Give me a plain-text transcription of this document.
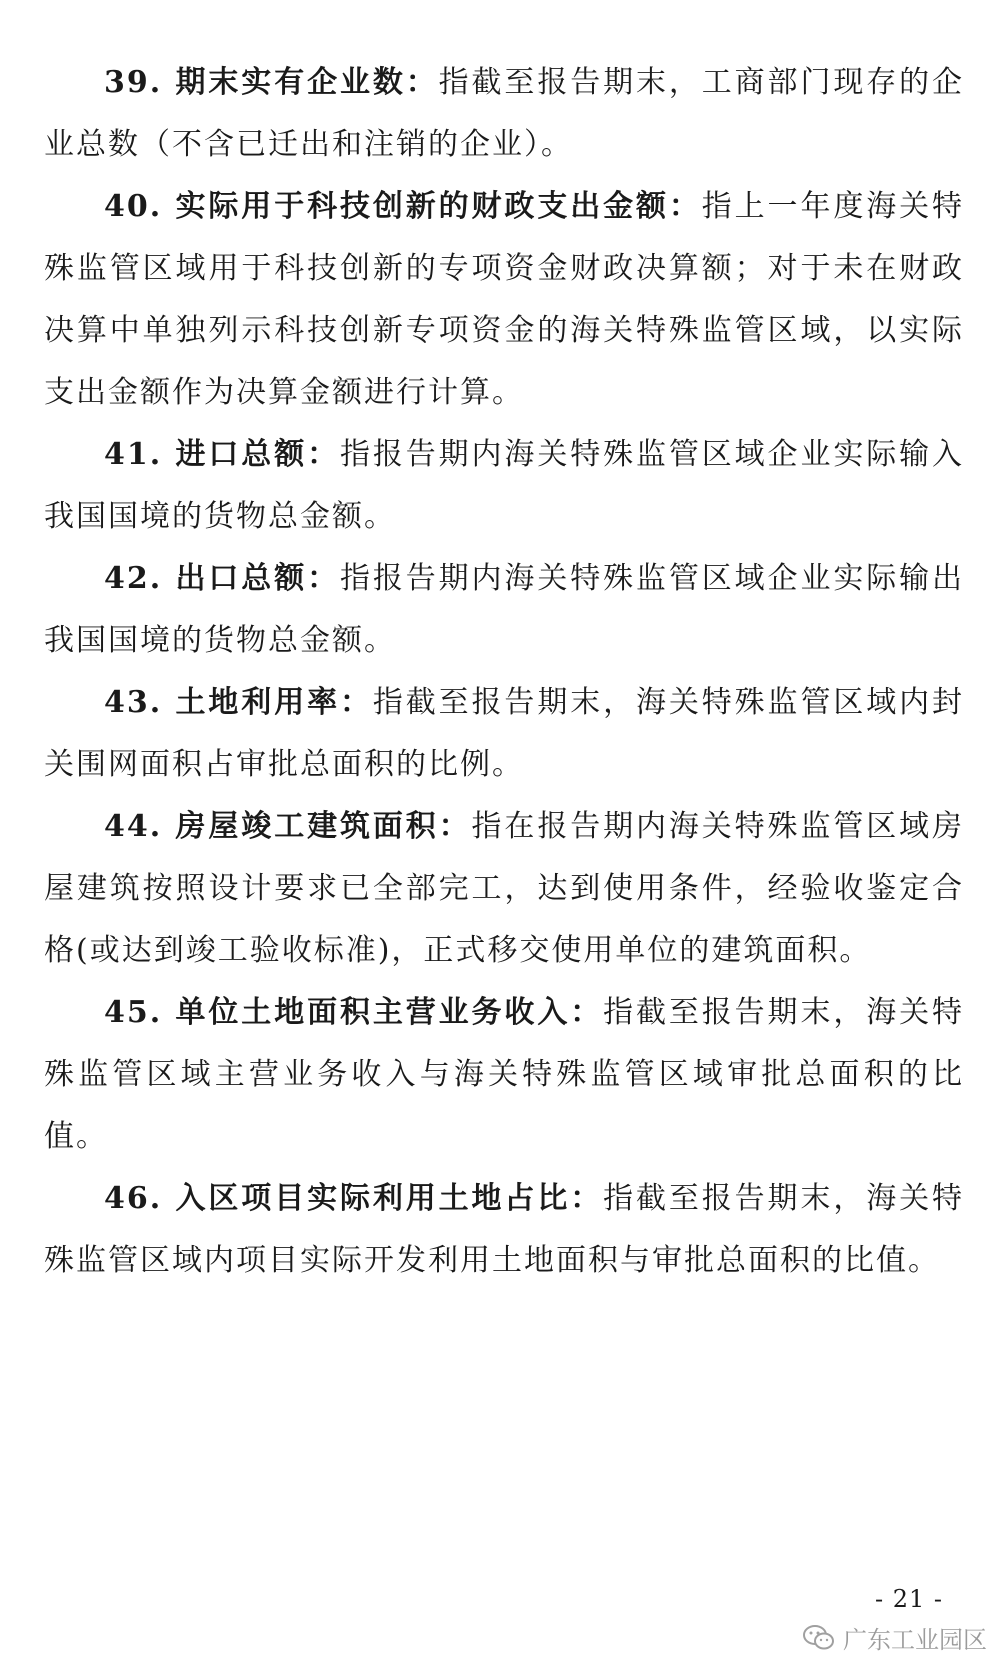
39. 期末实有企业数：指截至报告期末，工商部门现存的企业总数（不含已迁出和注销的企业）。

40. 实际用于科技创新的财政支出金额：指上一年度海关特殊监管区域用于科技创新的专项资金财政决算额；对于未在财政决算中单独列示科技创新专项资金的海关特殊监管区域，以实际支出金额作为决算金额进行计算。

41. 进口总额：指报告期内海关特殊监管区域企业实际输入我国国境的货物总金额。

42. 出口总额：指报告期内海关特殊监管区域企业实际输出我国国境的货物总金额。

43. 土地利用率：指截至报告期末，海关特殊监管区域内封关围网面积占审批总面积的比例。

44. 房屋竣工建筑面积：指在报告期内海关特殊监管区域房屋建筑按照设计要求已全部完工，达到使用条件，经验收鉴定合格(或达到竣工验收标准)，正式移交使用单位的建筑面积。

45. 单位土地面积主营业务收入：指截至报告期末，海关特殊监管区域主营业务收入与海关特殊监管区域审批总面积的比值。

46. 入区项目实际利用土地占比：指截至报告期末，海关特殊监管区域内项目实际开发利用土地面积与审批总面积的比值。

- 21 -
广东工业园区
